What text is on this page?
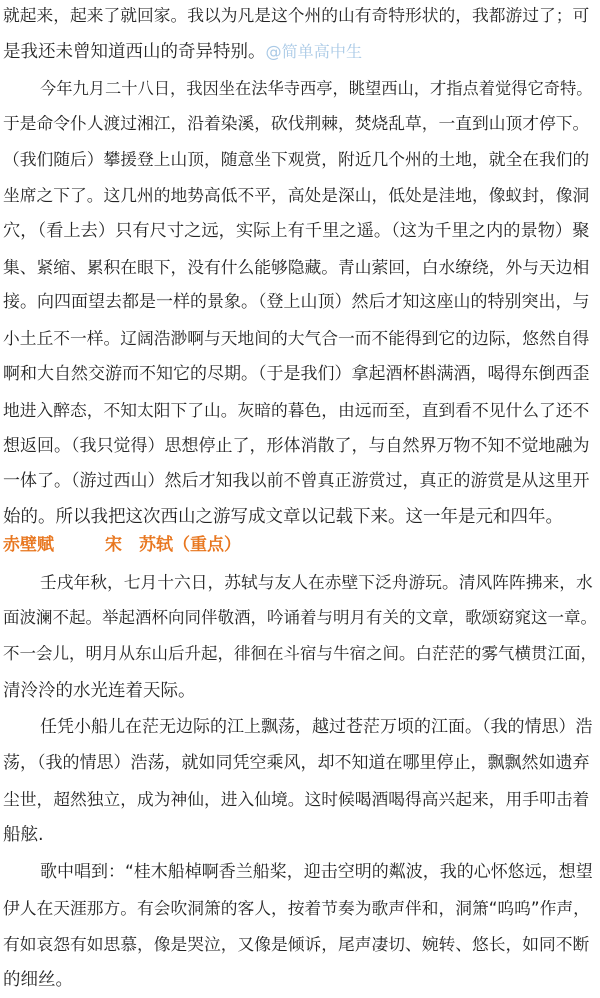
就起来，起来了就回家。我以为凡是这个州的山有奇特形状的，我都游过了；可
是我还未曾知道西山的奇异特别。@简单高中生
今年九月二十八日，我因坐在法华寺西亭，眺望西山，才指点着觉得它奇特。
于是命令仆人渡过湘江，沿着染溪，砍伐荆棘，焚烧乱草，一直到山顶才停下。
（我们随后）攀援登上山顶，随意坐下观赏，附近几个州的土地，就全在我们的
坐席之下了。这几州的地势高低不平，高处是深山，低处是洼地，像蚁封，像洞
穴，（看上去）只有尺寸之远，实际上有千里之遥。（这为千里之内的景物）聚
集、紧缩、累积在眼下，没有什么能够隐藏。青山萦回，白水缭绕，外与天边相
接。向四面望去都是一样的景象。（登上山顶）然后才知这座山的特别突出，与
小土丘不一样。辽阔浩渺啊与天地间的大气合一而不能得到它的边际，悠然自得
啊和大自然交游而不知它的尽期。（于是我们）拿起酒杯斟满酒，喝得东倒西歪
地进入醉态，不知太阳下了山。灰暗的暮色，由远而至，直到看不见什么了还不
想返回。（我只觉得）思想停止了，形体消散了，与自然界万物不知不觉地融为
一体了。（游过西山）然后才知我以前不曾真正游赏过，真正的游赏是从这里开
始的。所以我把这次西山之游写成文章以记载下来。这一年是元和四年。
赤壁赋	宋　苏轼（重点）
壬戌年秋，七月十六日，苏轼与友人在赤壁下泛舟游玩。清风阵阵拂来，水
面波澜不起。举起酒杯向同伴敬酒，吟诵着与明月有关的文章，歌颂窈窕这一章。
不一会儿，明月从东山后升起，徘徊在斗宿与牛宿之间。白茫茫的雾气横贯江面，
清泠泠的水光连着天际。
任凭小船儿在茫无边际的江上飘荡，越过苍茫万顷的江面。（我的情思）浩
荡，（我的情思）浩荡，就如同凭空乘风，却不知道在哪里停止，飘飘然如遗弃
尘世，超然独立，成为神仙，进入仙境。这时候喝酒喝得高兴起来，用手叩击着
船舷.
歌中唱到：“桂木船棹啊香兰船桨，迎击空明的粼波，我的心怀悠远，想望
伊人在天涯那方。有会吹洞箫的客人，按着节奏为歌声伴和，洞箫“呜呜”作声，
有如哀怨有如思慕，像是哭泣，又像是倾诉，尾声凄切、婉转、悠长，如同不断
的细丝。
